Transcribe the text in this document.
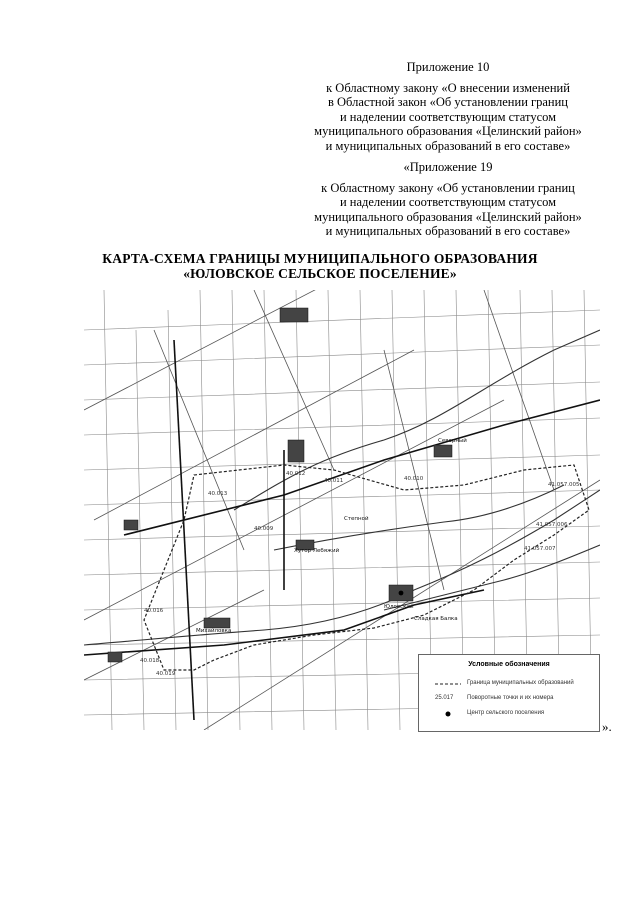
Приложение 10
к Областному закону «О внесении изменений
в Областной закон «Об установлении границ
и наделении соответствующим статусом
муниципального образования «Целинский район»
и муниципальных образований в его составе»
«Приложение 19
к Областному закону «Об установлении границ
и наделении соответствующим статусом
муниципального образования «Целинский район»
и муниципальных образований в его составе»
КАРТА-СХЕМА ГРАНИЦЫ МУНИЦИПАЛЬНОГО ОБРАЗОВАНИЯ
«ЮЛОВСКОЕ СЕЛЬСКОЕ ПОСЕЛЕНИЕ»
40.013
40.012
40.011	40.010
40.009
40.016
40.018
40.019
41.057.005
41.057.006
41.057.007
Юловский
Хутор Лебяжий
Степной
Сладкая Балка
Северный
Михайловка
Условные обозначения
Граница муниципальных образований
25.017	Поворотные точки и их номера
Центр сельского поселения
».
